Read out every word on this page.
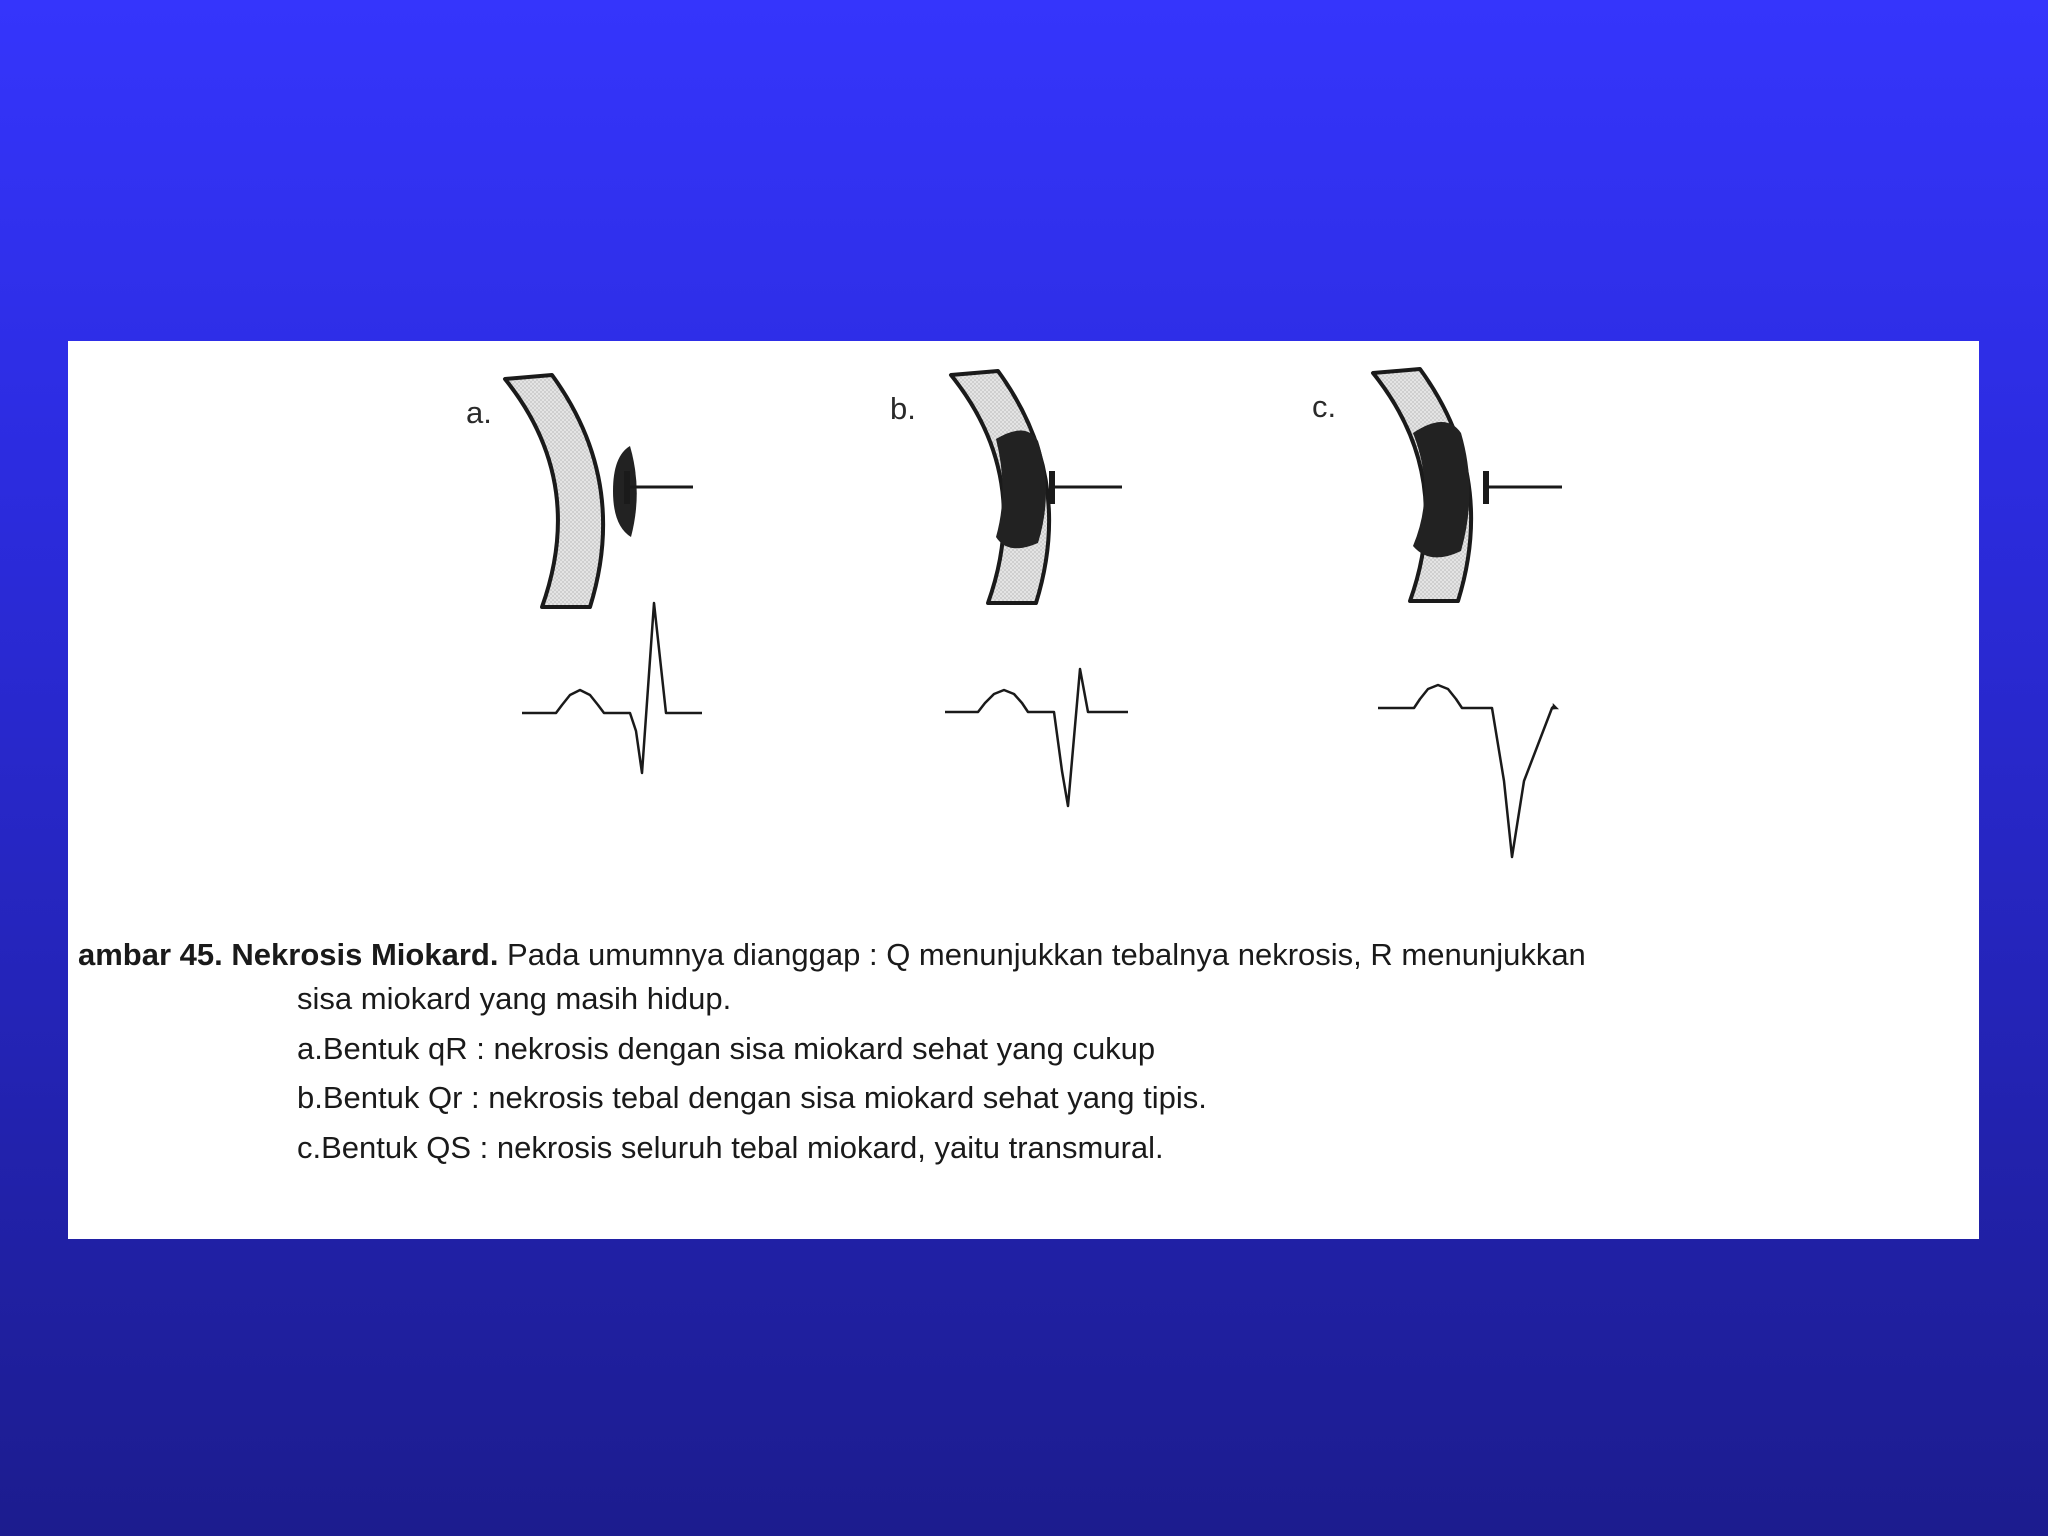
a.	b.	c.
ambar 45. Nekrosis Miokard. Pada umumnya dianggap : Q menunjukkan tebalnya nekrosis, R menunjukkan
sisa miokard yang masih hidup.
a.Bentuk qR : nekrosis dengan sisa miokard sehat yang cukup
b.Bentuk Qr : nekrosis tebal dengan sisa miokard sehat yang tipis.
c.Bentuk QS : nekrosis seluruh tebal miokard, yaitu transmural.
